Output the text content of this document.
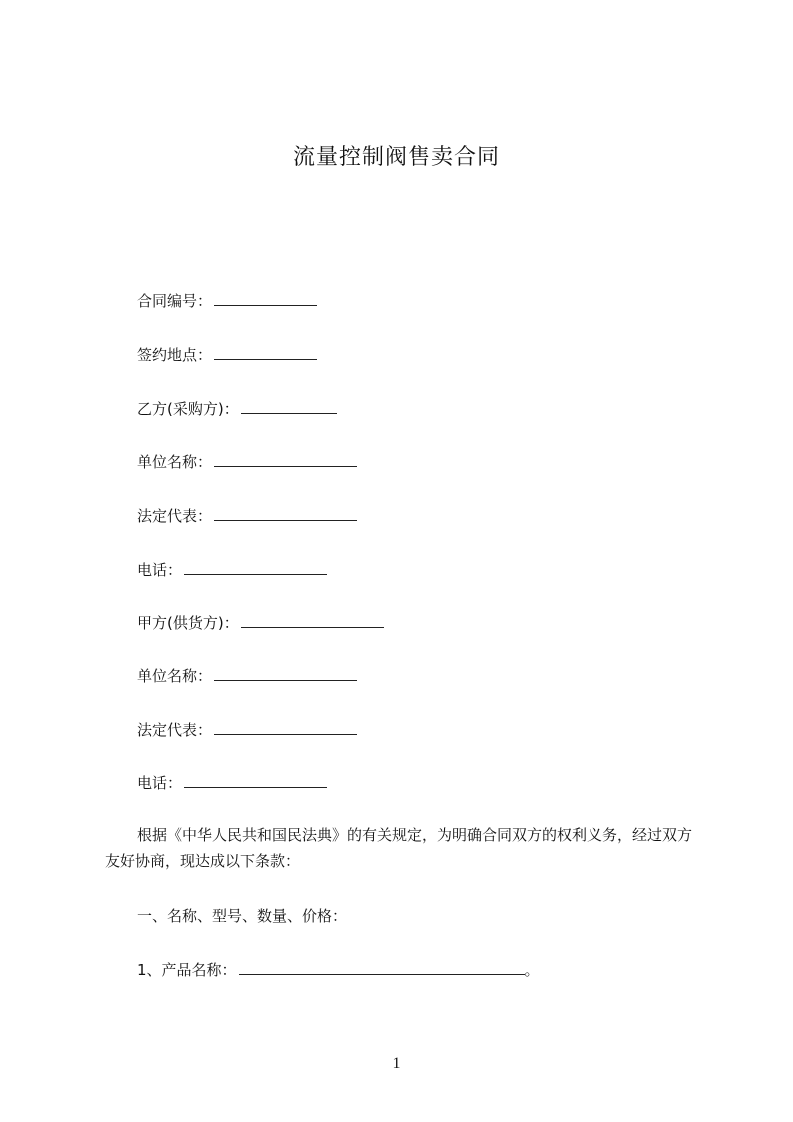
流量控制阀售卖合同
合同编号：
签约地点：
乙方(采购方)：
单位名称：
法定代表：
电话：
甲方(供货方)：
单位名称：
法定代表：
电话：
根据《中华人民共和国民法典》的有关规定，为明确合同双方的权利义务，经过双方友好协商，现达成以下条款：
一、名称、型号、数量、价格：
1、产品名称：	。
1
